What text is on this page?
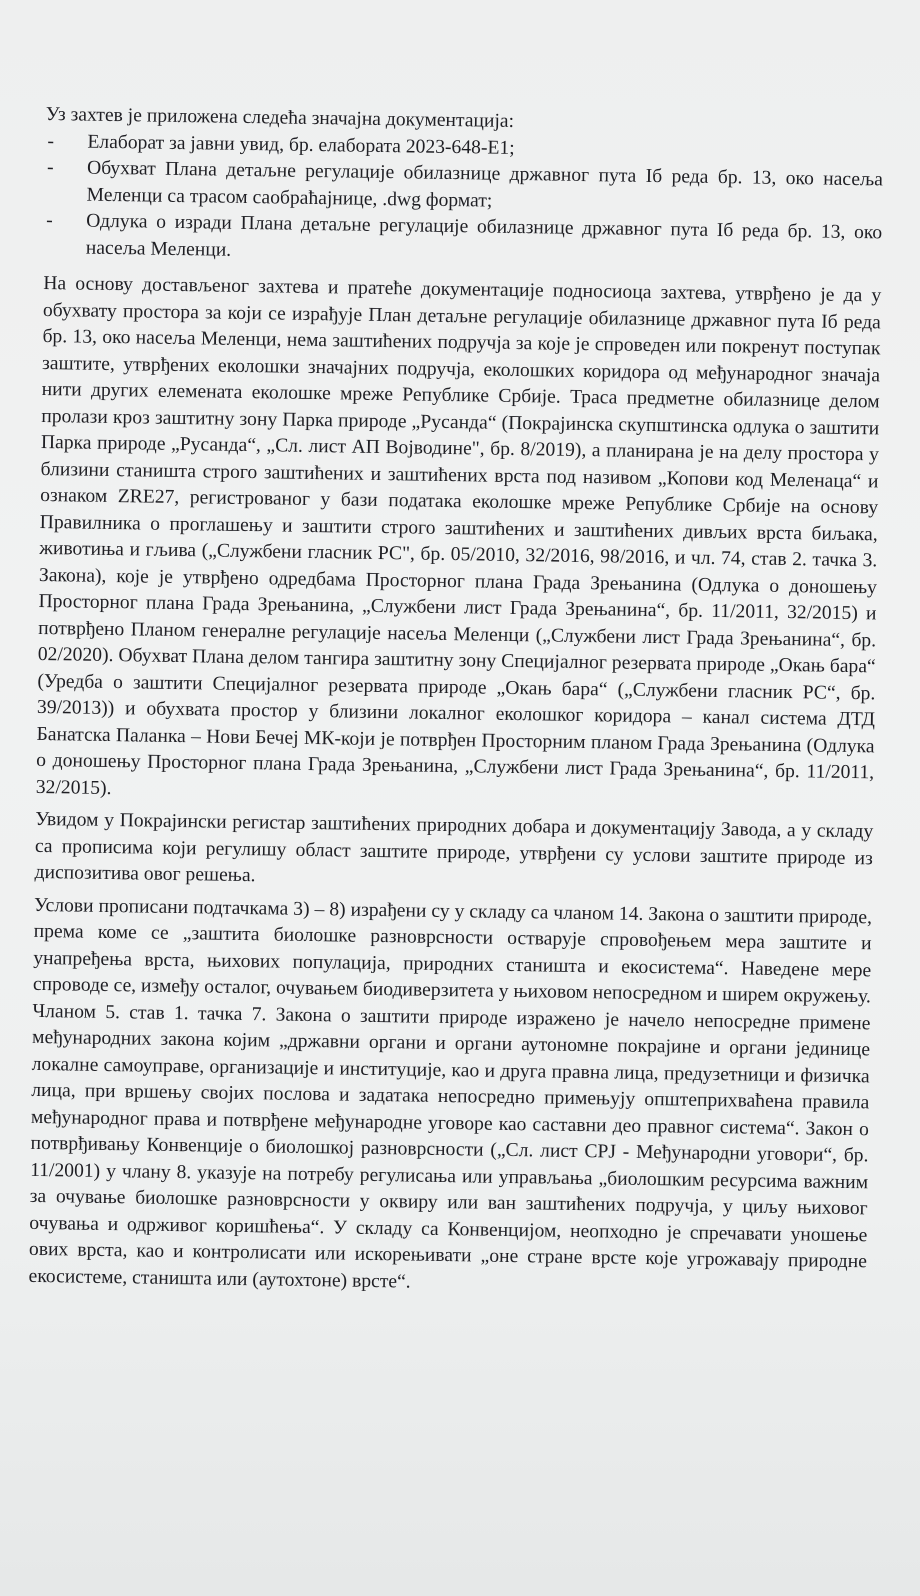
Уз захтев је приложена следећа значајна документација:

- Елаборат за јавни увид, бр. елабората 2023-648-Е1;
- Обухват Плана детаљне регулације обилазнице државног пута Iб реда бр. 13, око насеља Меленци са трасом саобраћајнице, .dwg формат;
- Одлука о изради Плана детаљне регулације обилазнице државног пута Iб реда бр. 13, око насеља Меленци.

На основу достављеног захтева и пратеће документације подносиоца захтева, утврђено је да у обухвату простора за који се израђује План детаљне регулације обилазнице државног пута Iб реда бр. 13, око насеља Меленци, нема заштићених подручја за које је спроведен или покренут поступак заштите, утврђених еколошки значајних подручја, еколошких коридора од међународног значаја нити других елемената еколошке мреже Републике Србије. Траса предметне обилазнице делом пролази кроз заштитну зону Парка природе „Русанда“ (Покрајинска скупштинска одлука о заштити Парка природе „Русанда“, „Сл. лист АП Војводине", бр. 8/2019), а планирана је на делу простора у близини станишта строго заштићених и заштићених врста под називом „Копови код Меленаца“ и ознаком ZRE27, регистрованог у бази података еколошке мреже Републике Србије на основу Правилника о проглашењу и заштити строго заштићених и заштићених дивљих врста биљака, животиња и гљива („Службени гласник РС", бр. 05/2010, 32/2016, 98/2016, и чл. 74, став 2. тачка 3. Закона), које је утврђено одредбама Просторног плана Града Зрењанина (Одлука о доношењу Просторног плана Града Зрењанина, „Службени лист Града Зрењанина“, бр. 11/2011, 32/2015) и потврђено Планом генералне регулације насеља Меленци („Службени лист Града Зрењанина“, бр. 02/2020). Обухват Плана делом тангира заштитну зону Специјалног резервата природе „Окањ бара“ (Уредба о заштити Специјалног резервата природе „Окањ бара“ („Службени гласник РС“, бр. 39/2013)) и обухвата простор у близини локалног еколошког коридора – канал система ДТД Банатска Паланка – Нови Бечеј МК-који је потврђен Просторним планом Града Зрењанина (Одлука о доношењу Просторног плана Града Зрењанина, „Службени лист Града Зрењанина“, бр. 11/2011, 32/2015).

Увидом у Покрајински регистар заштићених природних добара и документацију Завода, а у складу са прописима који регулишу област заштите природе, утврђени су услови заштите природе из диспозитива овог решења.

Услови прописани подтачкама 3) – 8) израђени су у складу са чланом 14. Закона о заштити природе, према коме се „заштита биолошке разноврсности остварује спровођењем мера заштите и унапређења врста, њихових популација, природних станишта и екосистема“. Наведене мере спроводе се, између осталог, очувањем биодиверзитета у њиховом непосредном и ширем окружењу. Чланом 5. став 1. тачка 7. Закона о заштити природе изражено је начело непосредне примене међународних закона којим „државни органи и органи аутономне покрајине и органи јединице локалне самоуправе, организације и институције, као и друга правна лица, предузетници и физичка лица, при вршењу својих послова и задатака непосредно примењују општеприхваћена правила међународног права и потврђене међународне уговоре као саставни део правног система“. Закон о потврђивању Конвенције о биолошкој разноврсности („Сл. лист СРЈ - Међународни уговори“, бр. 11/2001) у члану 8. указује на потребу регулисања или управљања „биолошким ресурсима важним за очување биолошке разноврсности у оквиру или ван заштићених подручја, у циљу њиховог очувања и одрживог коришћења“. У складу са Конвенцијом, неопходно је спречавати уношење ових врста, као и контролисати или искорењивати „оне стране врсте које угрожавају природне екосистеме, станишта или (аутохтоне) врсте“.
